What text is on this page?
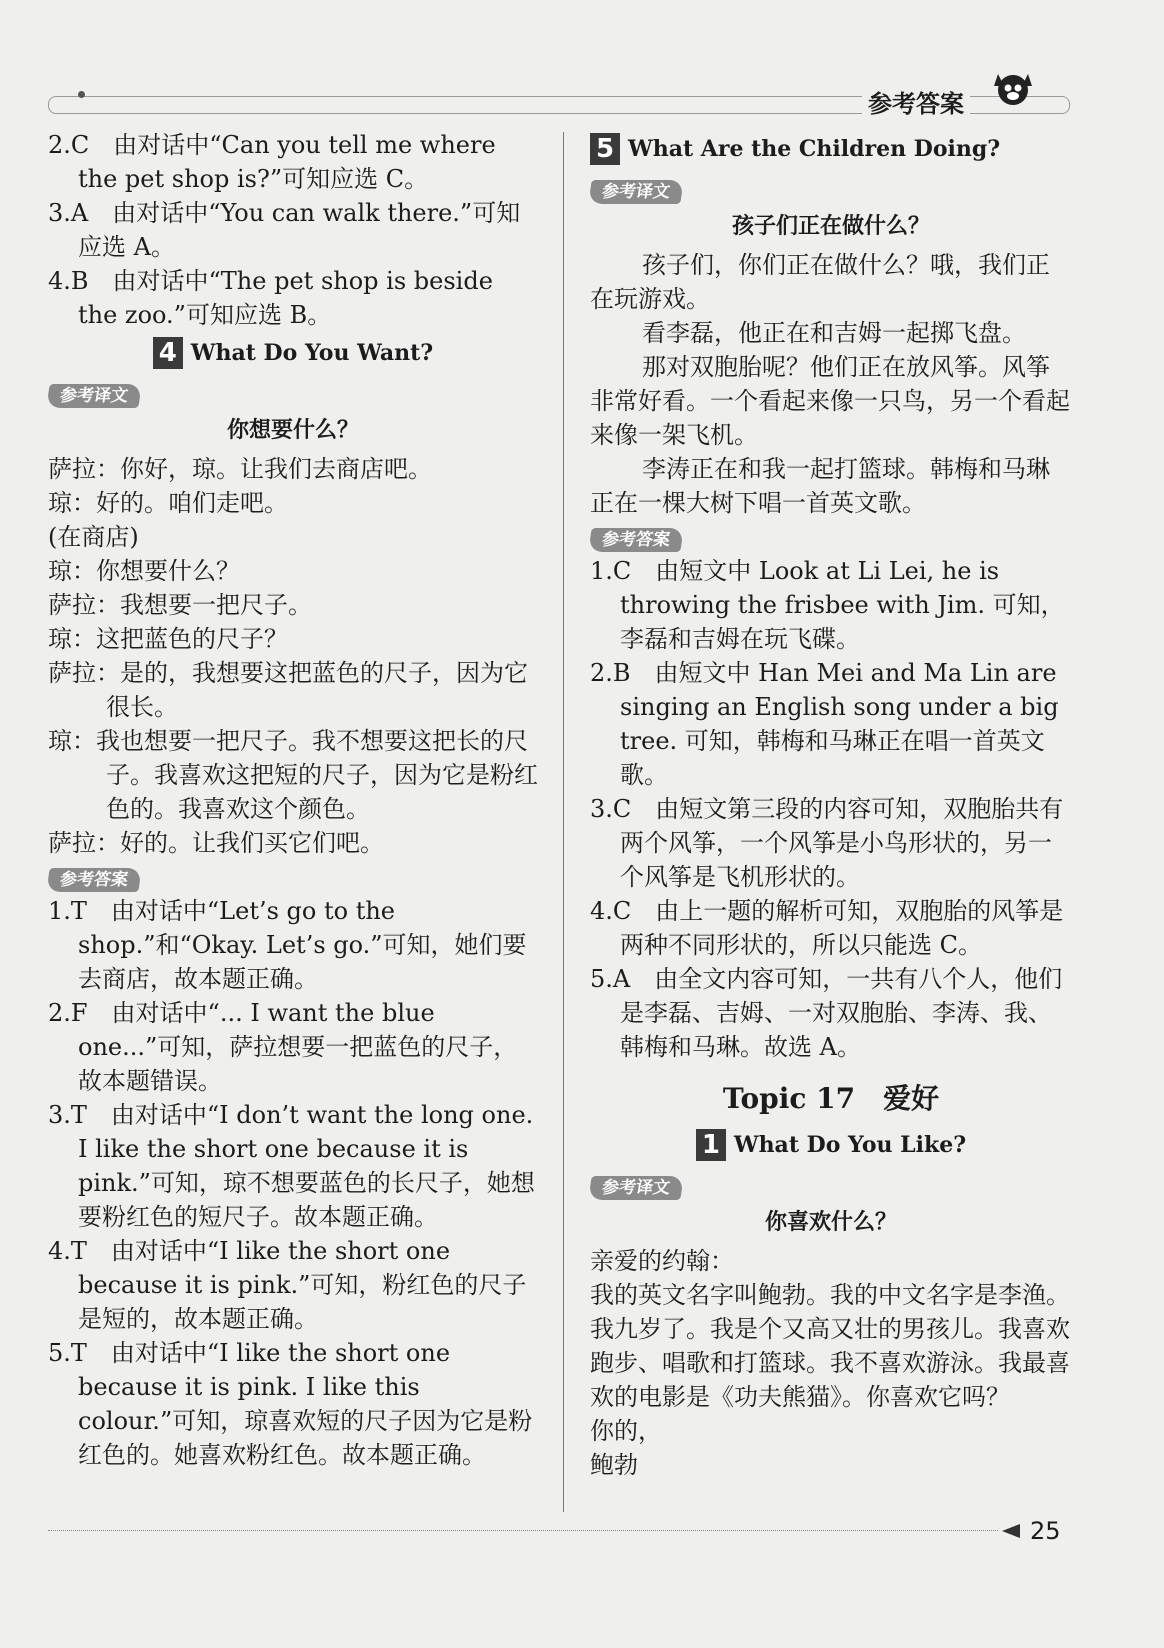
参考答案

2.C　由对话中“Can you tell me where the pet shop is?”可知应选 C。

3.A　由对话中“You can walk there.”可知应选 A。

4.B　由对话中“The pet shop is beside the zoo.”可知应选 B。

4 What Do You Want?
参考译文
你想要什么？

萨拉：你好，琼。让我们去商店吧。

琼：好的。咱们走吧。

(在商店)

琼：你想要什么？

萨拉：我想要一把尺子。

琼：这把蓝色的尺子？

萨拉：是的，我想要这把蓝色的尺子，因为它很长。

琼：我也想要一把尺子。我不想要这把长的尺子。我喜欢这把短的尺子，因为它是粉红色的。我喜欢这个颜色。

萨拉：好的。让我们买它们吧。

参考答案

1.T　由对话中“Let’s go to the shop.”和“Okay. Let’s go.”可知，她们要去商店，故本题正确。

2.F　由对话中“... I want the blue one...”可知，萨拉想要一把蓝色的尺子，故本题错误。

3.T　由对话中“I don’t want the long one. I like the short one because it is pink.”可知，琼不想要蓝色的长尺子，她想要粉红色的短尺子。故本题正确。

4.T　由对话中“I like the short one because it is pink.”可知，粉红色的尺子是短的，故本题正确。

5.T　由对话中“I like the short one because it is pink. I like this colour.”可知，琼喜欢短的尺子因为它是粉红色的。她喜欢粉红色。故本题正确。

5 What Are the Children Doing?
参考译文
孩子们正在做什么？

孩子们，你们正在做什么？哦，我们正在玩游戏。

看李磊，他正在和吉姆一起掷飞盘。

那对双胞胎呢？他们正在放风筝。风筝非常好看。一个看起来像一只鸟，另一个看起来像一架飞机。

李涛正在和我一起打篮球。韩梅和马琳正在一棵大树下唱一首英文歌。

参考答案

1.C　由短文中 Look at Li Lei, he is throwing the frisbee with Jim. 可知，李磊和吉姆在玩飞碟。

2.B　由短文中 Han Mei and Ma Lin are singing an English song under a big tree. 可知，韩梅和马琳正在唱一首英文歌。

3.C　由短文第三段的内容可知，双胞胎共有两个风筝，一个风筝是小鸟形状的，另一个风筝是飞机形状的。

4.C　由上一题的解析可知，双胞胎的风筝是两种不同形状的，所以只能选 C。

5.A　由全文内容可知，一共有八个人，他们是李磊、吉姆、一对双胞胎、李涛、我、韩梅和马琳。故选 A。

Topic 17　爱好
1 What Do You Like?
参考译文
你喜欢什么？

亲爱的约翰：

我的英文名字叫鲍勃。我的中文名字是李渔。我九岁了。我是个又高又壮的男孩儿。我喜欢跑步、唱歌和打篮球。我不喜欢游泳。我最喜欢的电影是《功夫熊猫》。你喜欢它吗？

你的，

鲍勃

25
